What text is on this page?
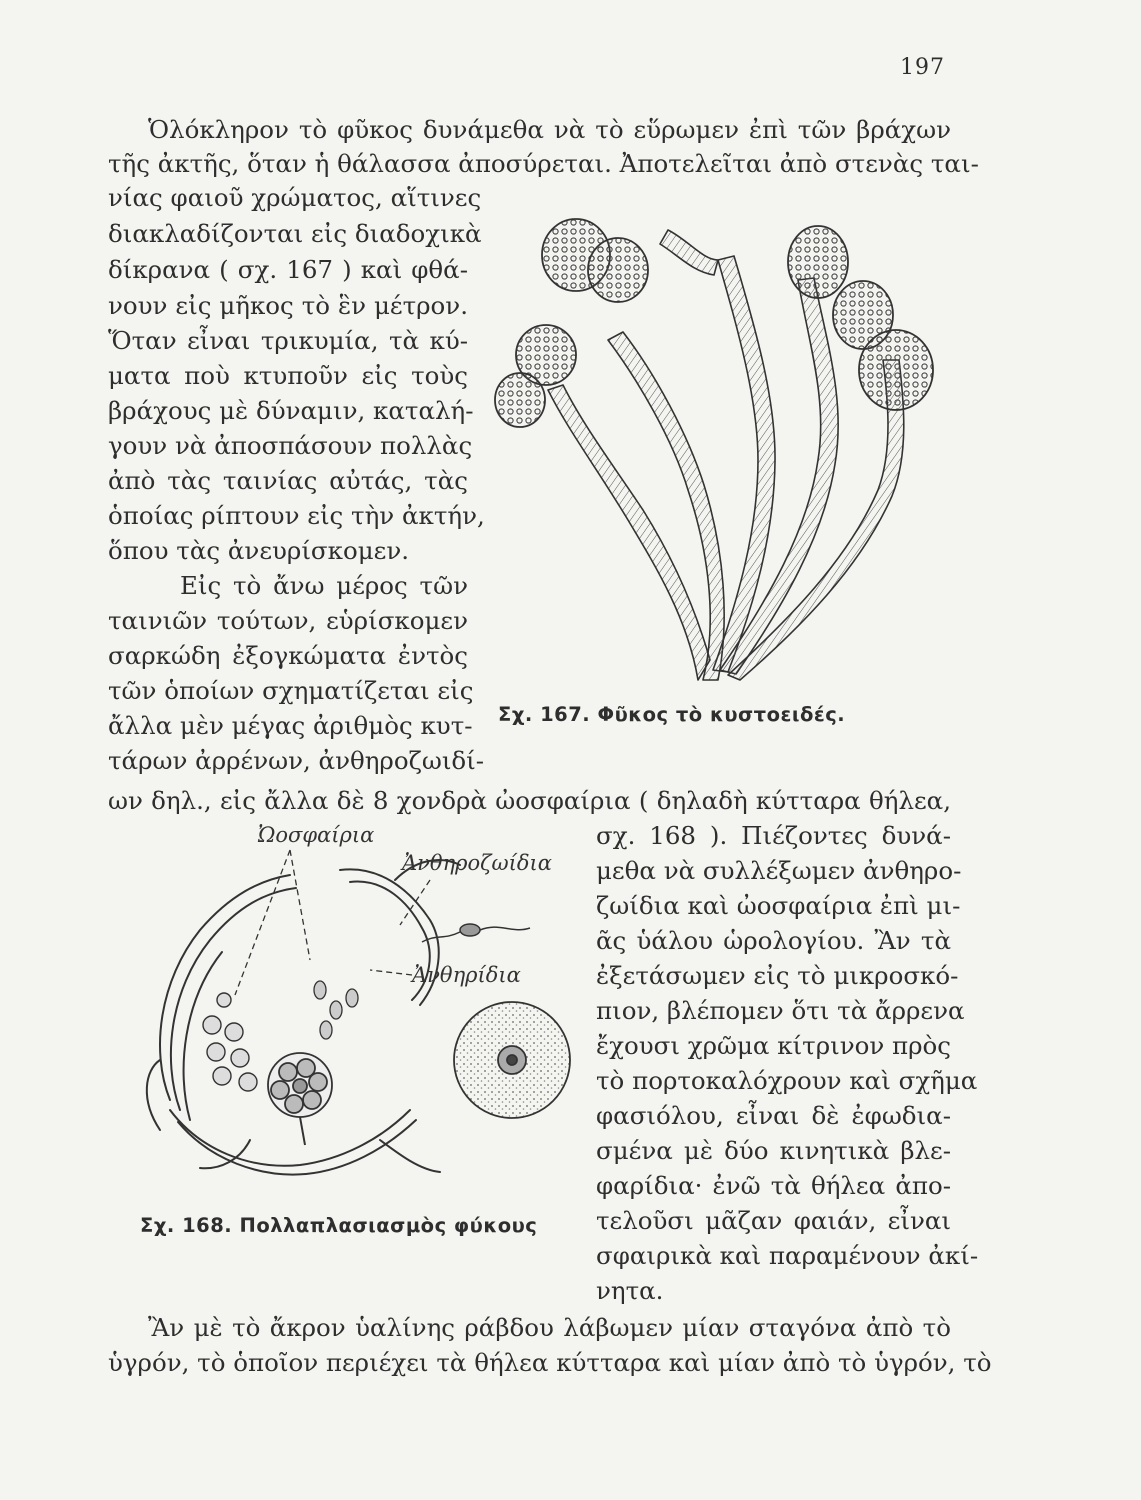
197
Ὁλόκληρον τὸ φῦκος δυνάμεθα νὰ τὸ εὕρωμεν ἐπὶ τῶν βράχων
τῆς ἀκτῆς, ὅταν ἡ θάλασσα ἀποσύρεται. Ἀποτελεῖται ἀπὸ στενὰς ται-
νίας φαιοῦ χρώματος, αἵτινες
διακλαδίζονται εἰς διαδοχικὰ
δίκρανα ( σχ. 167 ) καὶ φθά-
νουν εἰς μῆκος τὸ ἓν μέτρον.
Ὅταν εἶναι τρικυμία, τὰ κύ-
ματα ποὺ κτυποῦν εἰς τοὺς
βράχους μὲ δύναμιν, καταλή-
γουν νὰ ἀποσπάσουν πολλὰς
ἀπὸ τὰς ταινίας αὐτάς, τὰς
ὁποίας ρίπτουν εἰς τὴν ἀκτήν,
ὅπου τὰς ἀνευρίσκομεν.
Εἰς τὸ ἄνω μέρος τῶν
ταινιῶν τούτων, εὑρίσκομεν
σαρκώδη ἐξογκώματα ἐντὸς
τῶν ὁποίων σχηματίζεται εἰς
ἄλλα μὲν μέγας ἀριθμὸς κυτ-
τάρων ἀρρένων, ἀνθηροζωιδί-
ων δηλ., εἰς ἄλλα δὲ 8 χονδρὰ ὠοσφαίρια ( δηλαδὴ κύτταρα θήλεα,
σχ. 168 ). Πιέζοντες δυνά-
μεθα νὰ συλλέξωμεν ἀνθηρο-
ζωίδια καὶ ὠοσφαίρια ἐπὶ μι-
ᾶς ὑάλου ὡρολογίου. Ἂν τὰ
ἐξετάσωμεν εἰς τὸ μικροσκό-
πιον, βλέπομεν ὅτι τὰ ἄρρενα
ἔχουσι χρῶμα κίτρινον πρὸς
τὸ πορτοκαλόχρουν καὶ σχῆμα
φασιόλου, εἶναι δὲ ἐφωδια-
σμένα μὲ δύο κινητικὰ βλε-
φαρίδια· ἐνῶ τὰ θήλεα ἀπο-
τελοῦσι μᾶζαν φαιάν, εἶναι
σφαιρικὰ καὶ παραμένουν ἀκί-
νητα.
Ἂν μὲ τὸ ἄκρον ὑαλίνης ράβδου λάβωμεν μίαν σταγόνα ἀπὸ τὸ
ὑγρόν, τὸ ὁποῖον περιέχει τὰ θήλεα κύτταρα καὶ μίαν ἀπὸ τὸ ὑγρόν, τὸ
Σχ. 167. Φῦκος τὸ κυστοειδές.
Ὠοσφαίρια
Ἀνθηροζωίδια
Ἀνθηρίδια
Σχ. 168. Πολλαπλασιασμὸς φύκους
